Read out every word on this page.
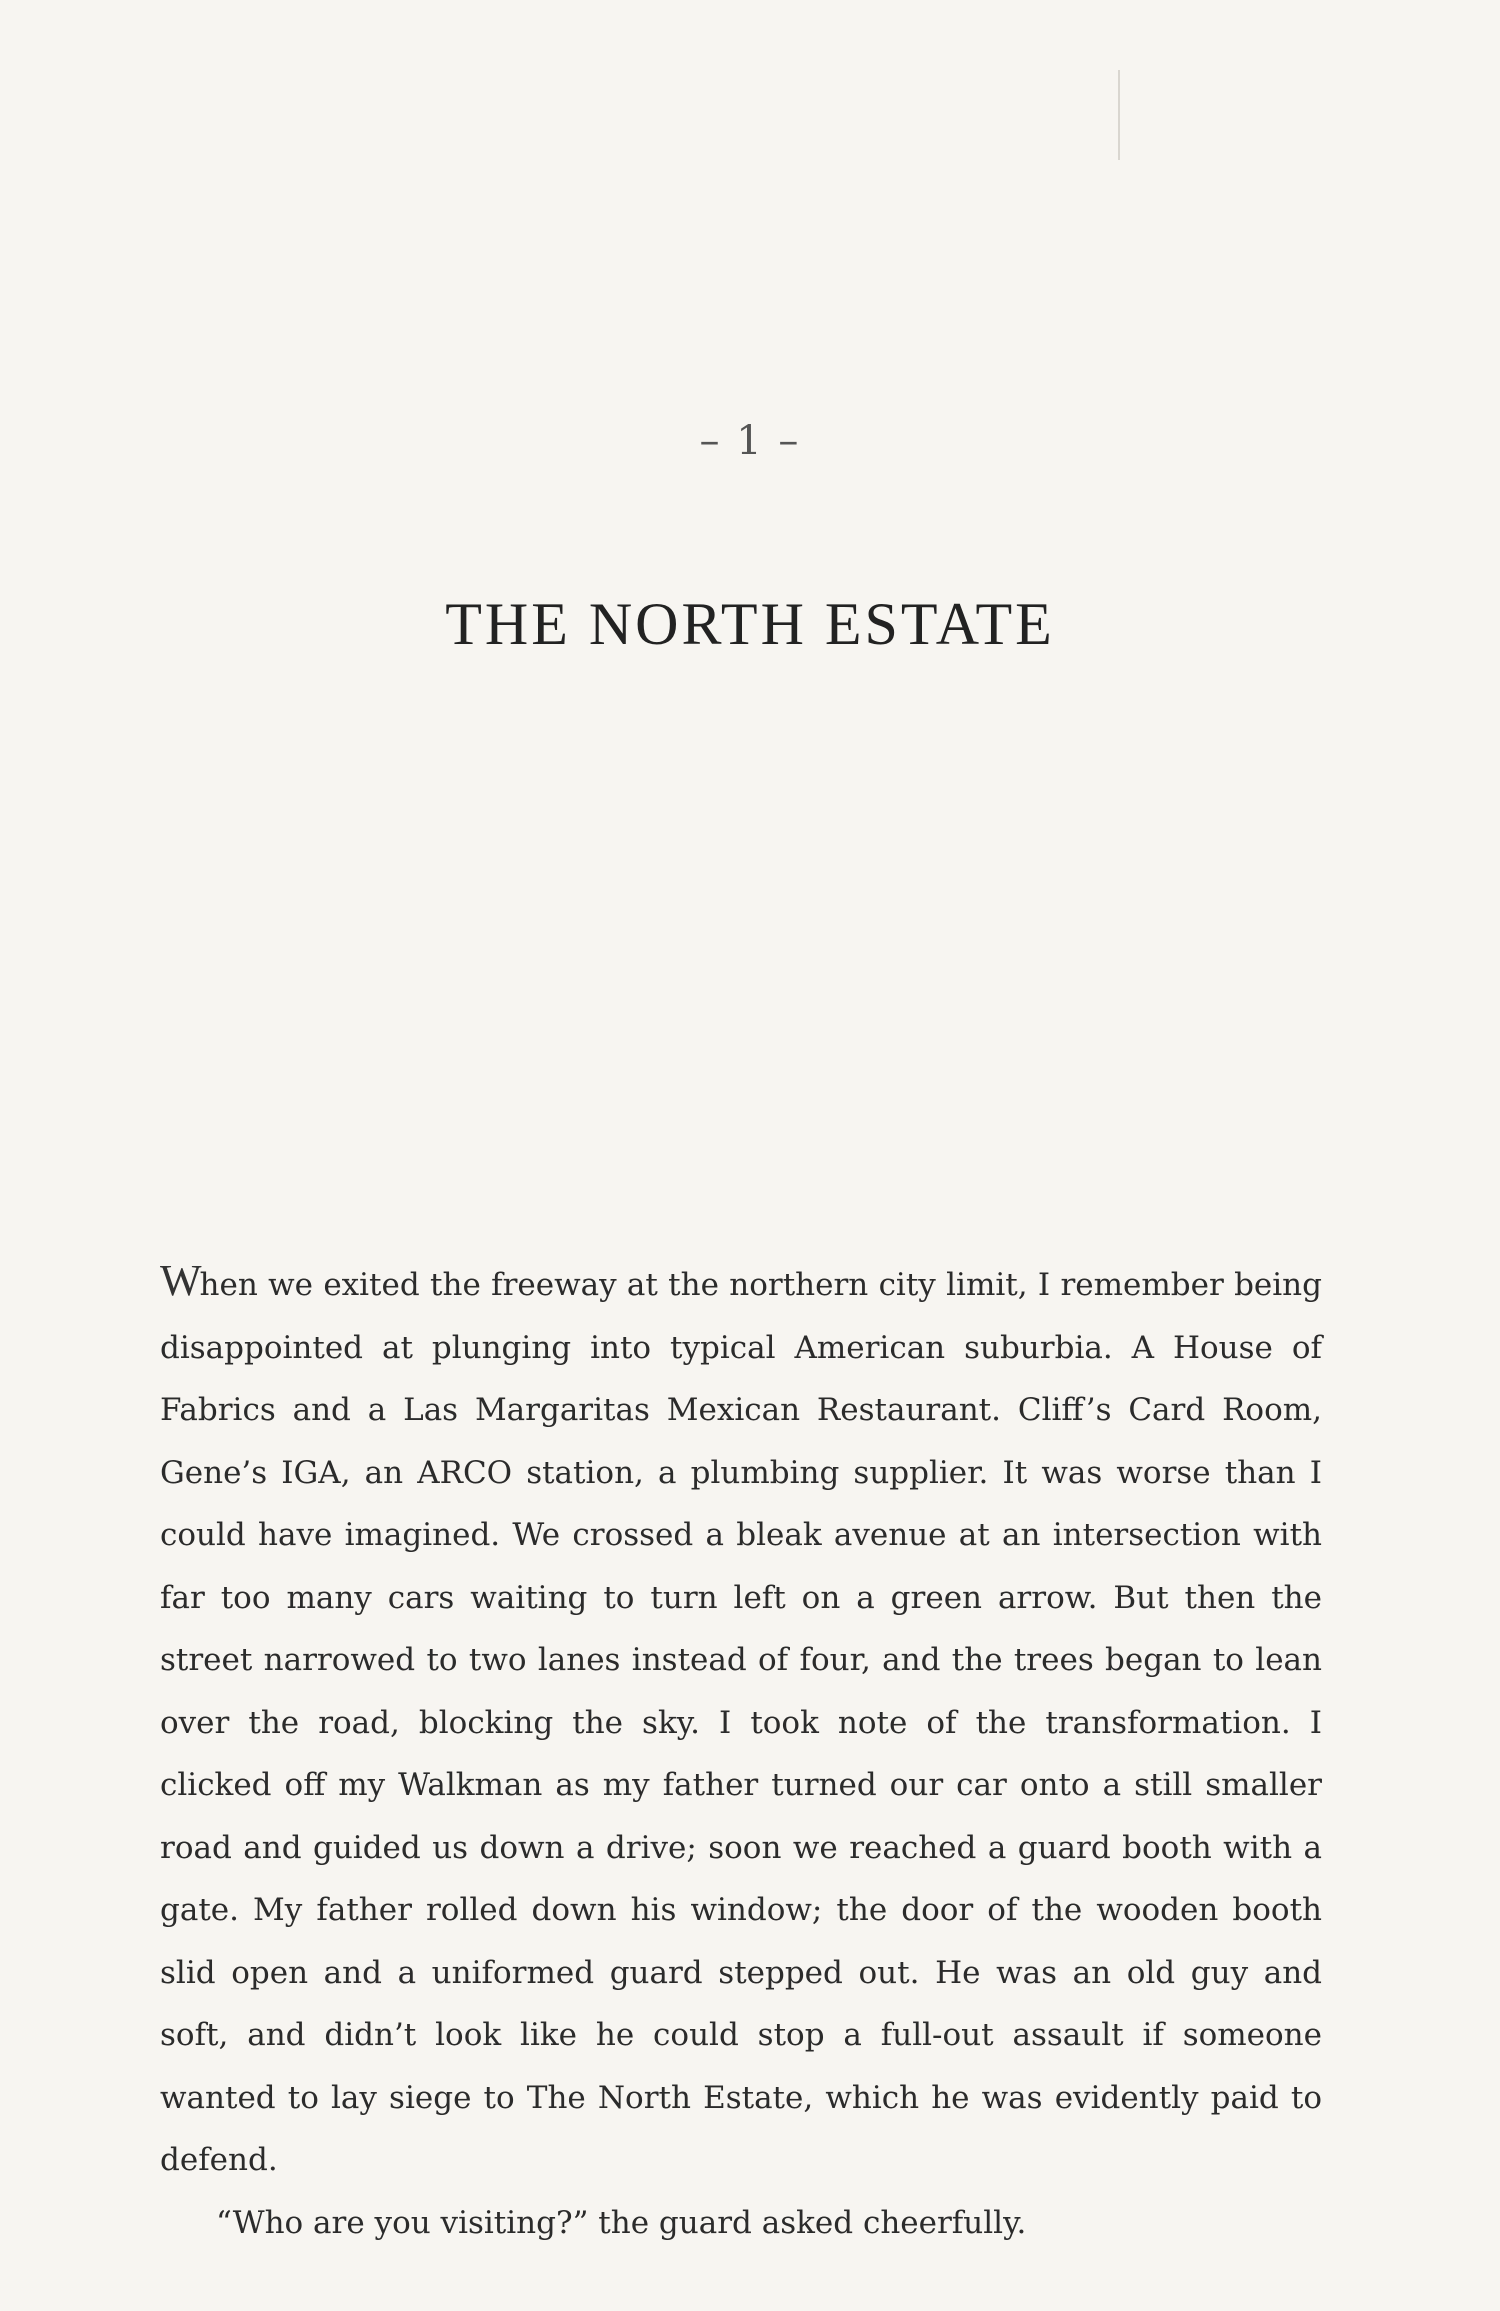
– 1 –
THE NORTH ESTATE

When we exited the freeway at the northern city limit, I remember being disappointed at plunging into typical American suburbia. A House of Fabrics and a Las Margaritas Mexican Restaurant. Cliff’s Card Room, Gene’s IGA, an ARCO station, a plumbing supplier. It was worse than I could have imagined. We crossed a bleak avenue at an intersection with far too many cars waiting to turn left on a green arrow. But then the street narrowed to two lanes instead of four, and the trees began to lean over the road, blocking the sky. I took note of the transformation. I clicked off my Walkman as my father turned our car onto a still smaller road and guided us down a drive; soon we reached a guard booth with a gate. My father rolled down his window; the door of the wooden booth slid open and a uniformed guard stepped out. He was an old guy and soft, and didn’t look like he could stop a full-out assault if someone wanted to lay siege to The North Estate, which he was evidently paid to defend.

“Who are you visiting?” the guard asked cheerfully.
